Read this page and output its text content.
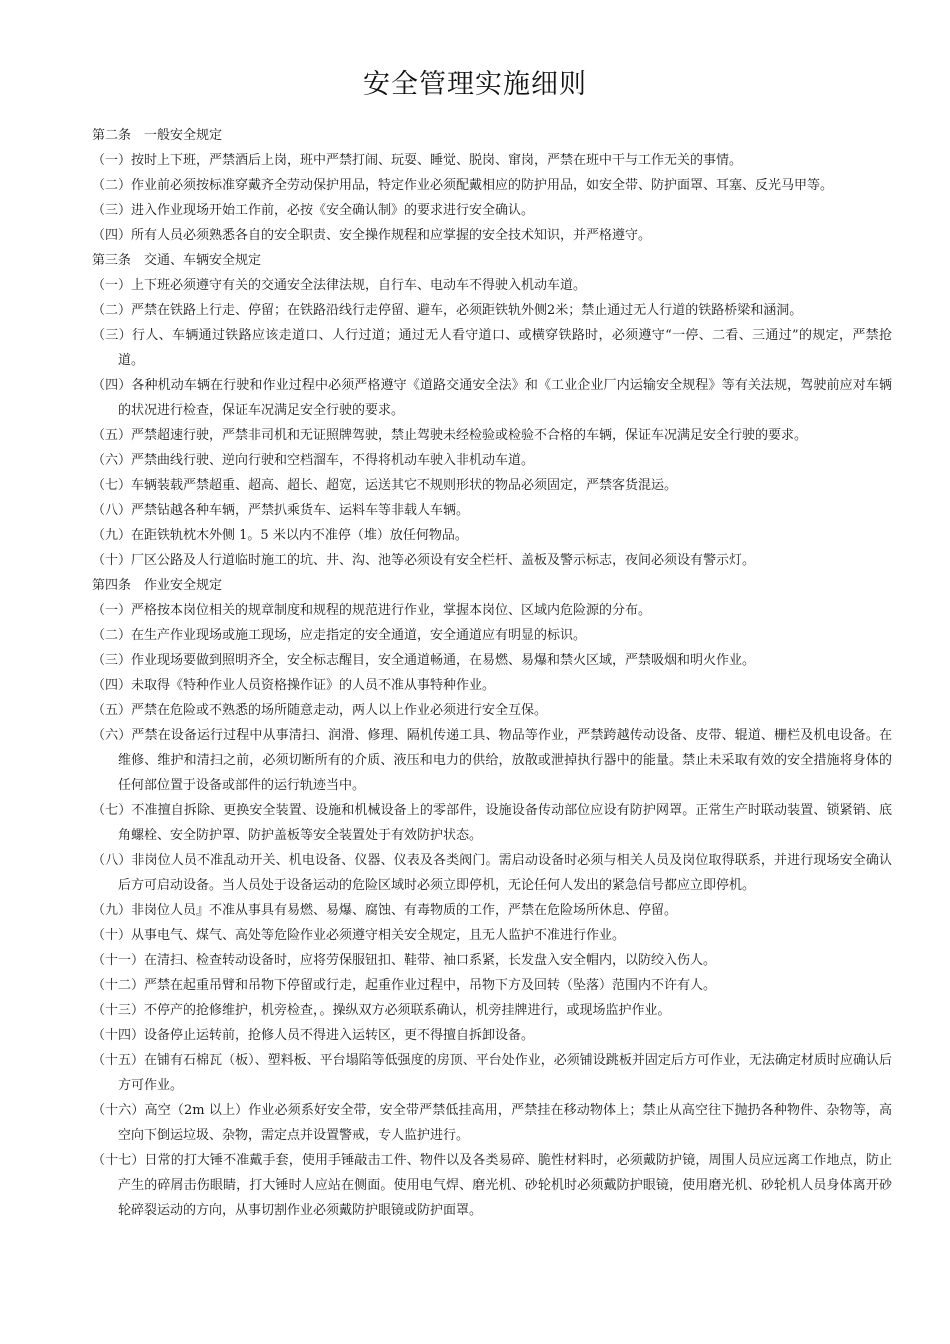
安全管理实施细则
第二条　一般安全规定
（一）按时上下班，严禁酒后上岗，班中严禁打闹、玩耍、睡觉、脱岗、窜岗，严禁在班中干与工作无关的事情。
（二）作业前必须按标准穿戴齐全劳动保护用品，特定作业必须配戴相应的防护用品，如安全带、防护面罩、耳塞、反光马甲等。
（三）进入作业现场开始工作前，必按《安全确认制》的要求进行安全确认。
（四）所有人员必须熟悉各自的安全职责、安全操作规程和应掌握的安全技术知识，并严格遵守。
第三条　交通、车辆安全规定
（一）上下班必须遵守有关的交通安全法律法规，自行车、电动车不得驶入机动车道。
（二）严禁在铁路上行走、停留；在铁路沿线行走停留、避车，必须距铁轨外侧2米；禁止通过无人行道的铁路桥梁和涵洞。
（三）行人、车辆通过铁路应该走道口、人行过道；通过无人看守道口、或横穿铁路时，必须遵守“一停、二看、三通过”的规定，严禁抢道。
（四）各种机动车辆在行驶和作业过程中必须严格遵守《道路交通安全法》和《工业企业厂内运输安全规程》等有关法规，驾驶前应对车辆的状况进行检查，保证车况满足安全行驶的要求。
（五）严禁超速行驶，严禁非司机和无证照牌驾驶，禁止驾驶未经检验或检验不合格的车辆，保证车况满足安全行驶的要求。
（六）严禁曲线行驶、逆向行驶和空档溜车，不得将机动车驶入非机动车道。
（七）车辆装载严禁超重、超高、超长、超宽，运送其它不规则形状的物品必须固定，严禁客货混运。
（八）严禁钻越各种车辆，严禁扒乘货车、运料车等非载人车辆。
（九）在距铁轨枕木外侧 1。5 米以内不准停（堆）放任何物品。
（十）厂区公路及人行道临时施工的坑、井、沟、池等必须设有安全栏杆、盖板及警示标志，夜间必须设有警示灯。
第四条　作业安全规定
（一）严格按本岗位相关的规章制度和规程的规范进行作业，掌握本岗位、区域内危险源的分布。
（二）在生产作业现场或施工现场，应走指定的安全通道，安全通道应有明显的标识。
（三）作业现场要做到照明齐全，安全标志醒目，安全通道畅通，在易燃、易爆和禁火区域，严禁吸烟和明火作业。
（四）未取得《特种作业人员资格操作证》的人员不准从事特种作业。
（五）严禁在危险或不熟悉的场所随意走动，两人以上作业必须进行安全互保。
（六）严禁在设备运行过程中从事清扫、润滑、修理、隔机传递工具、物品等作业，严禁跨越传动设备、皮带、辊道、栅栏及机电设备。在维修、维护和清扫之前，必须切断所有的介质、液压和电力的供给，放散或泄掉执行器中的能量。禁止未采取有效的安全措施将身体的任何部位置于设备或部件的运行轨迹当中。
（七）不准擅自拆除、更换安全装置、设施和机械设备上的零部件，设施设备传动部位应设有防护网罩。正常生产时联动装置、锁紧销、底角螺栓、安全防护罩、防护盖板等安全装置处于有效防护状态。
（八）非岗位人员不准乱动开关、机电设备、仪器、仪表及各类阀门。需启动设备时必须与相关人员及岗位取得联系，并进行现场安全确认后方可启动设备。当人员处于设备运动的危险区域时必须立即停机，无论任何人发出的紧急信号都应立即停机。
（九）非岗位人员』不准从事具有易燃、易爆、腐蚀、有毒物质的工作，严禁在危险场所休息、停留。
（十）从事电气、煤气、高处等危险作业必须遵守相关安全规定，且无人监护不准进行作业。
（十一）在清扫、检查转动设备时，应将劳保服钮扣、鞋带、袖口系紧，长发盘入安全帽内，以防绞入伤人。
（十二）严禁在起重吊臂和吊物下停留或行走，起重作业过程中，吊物下方及回转（坠落）范围内不许有人。
（十三）不停产的抢修维护，机旁检查，。操纵双方必须联系确认，机旁挂牌进行，或现场监护作业。
（十四）设备停止运转前，抢修人员不得进入运转区，更不得擅自拆卸设备。
（十五）在铺有石棉瓦（板）、塑料板、平台塌陷等低强度的房顶、平台处作业，必须铺设跳板并固定后方可作业，无法确定材质时应确认后方可作业。
（十六）高空（2m 以上）作业必须系好安全带，安全带严禁低挂高用，严禁挂在移动物体上；禁止从高空往下抛扔各种物件、杂物等，高空向下倒运垃圾、杂物，需定点并设置警戒，专人监护进行。
（十七）日常的打大锤不准戴手套，使用手锤敲击工件、物件以及各类易碎、脆性材料时，必须戴防护镜，周围人员应远离工作地点，防止产生的碎屑击伤眼睛，打大锤时人应站在侧面。使用电气焊、磨光机、砂轮机时必须戴防护眼镜，使用磨光机、砂轮机人员身体离开砂轮碎裂运动的方向，从事切割作业必须戴防护眼镜或防护面罩。
